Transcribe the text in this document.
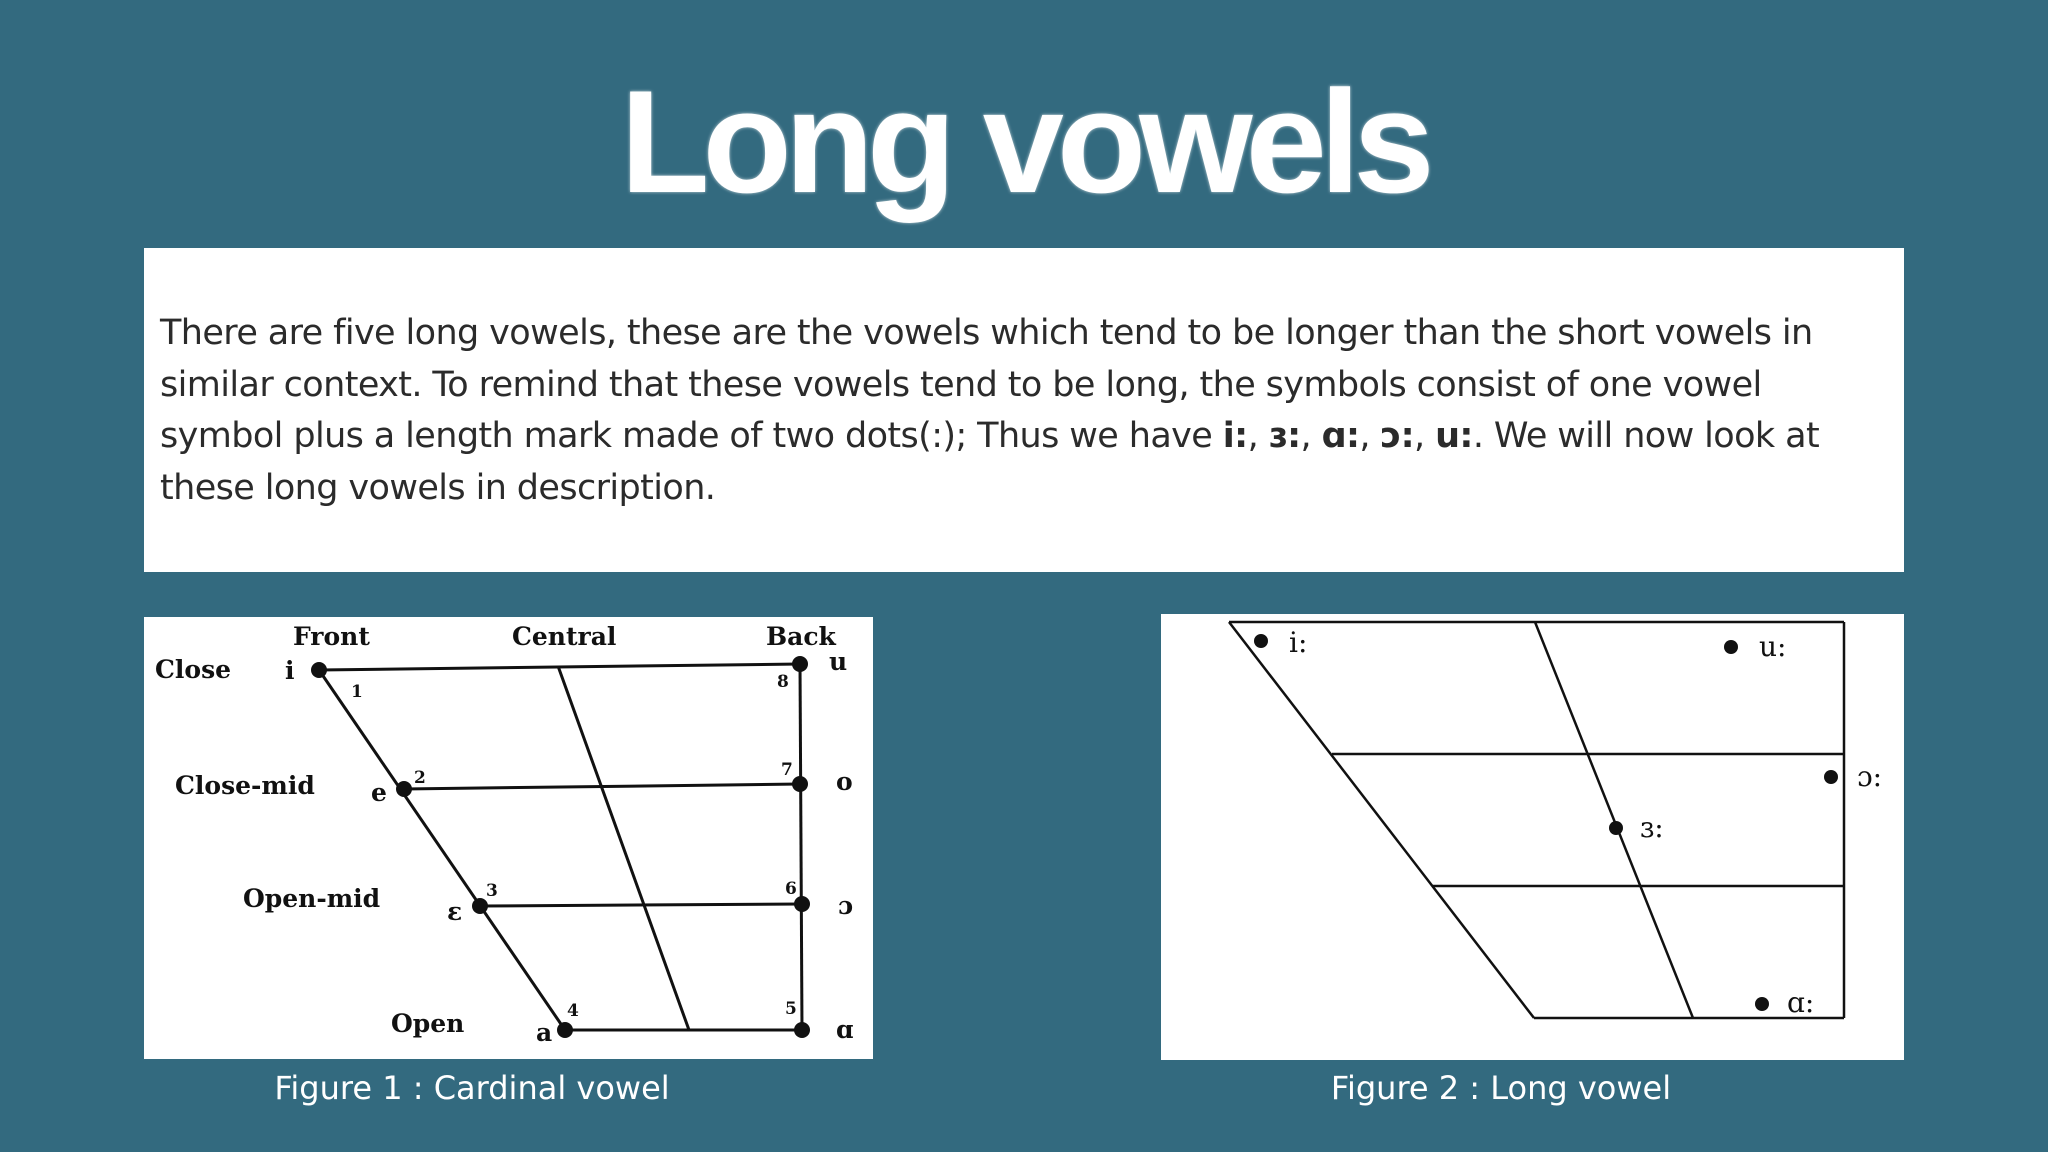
Long vowels

There are five long vowels, these are the vowels which tend to be longer than the short vowels in similar context. To remind that these vowels tend to be long, the symbols consist of one vowel symbol plus a length mark made of two dots(:); Thus we have i:, ɜ:, ɑ:, ɔ:, u:. We will now look at these long vowels in description.

Front	Central	Back
Close
Close-mid
Open-mid
Open
i
e
ɛ
a	ɑ
ɔ
o
u
1
2
3
4	5
6
7
8
Figure 1 : Cardinal vowel
i:	u:
ɔ:
ɜ:
ɑ:
Figure 2 : Long vowel
